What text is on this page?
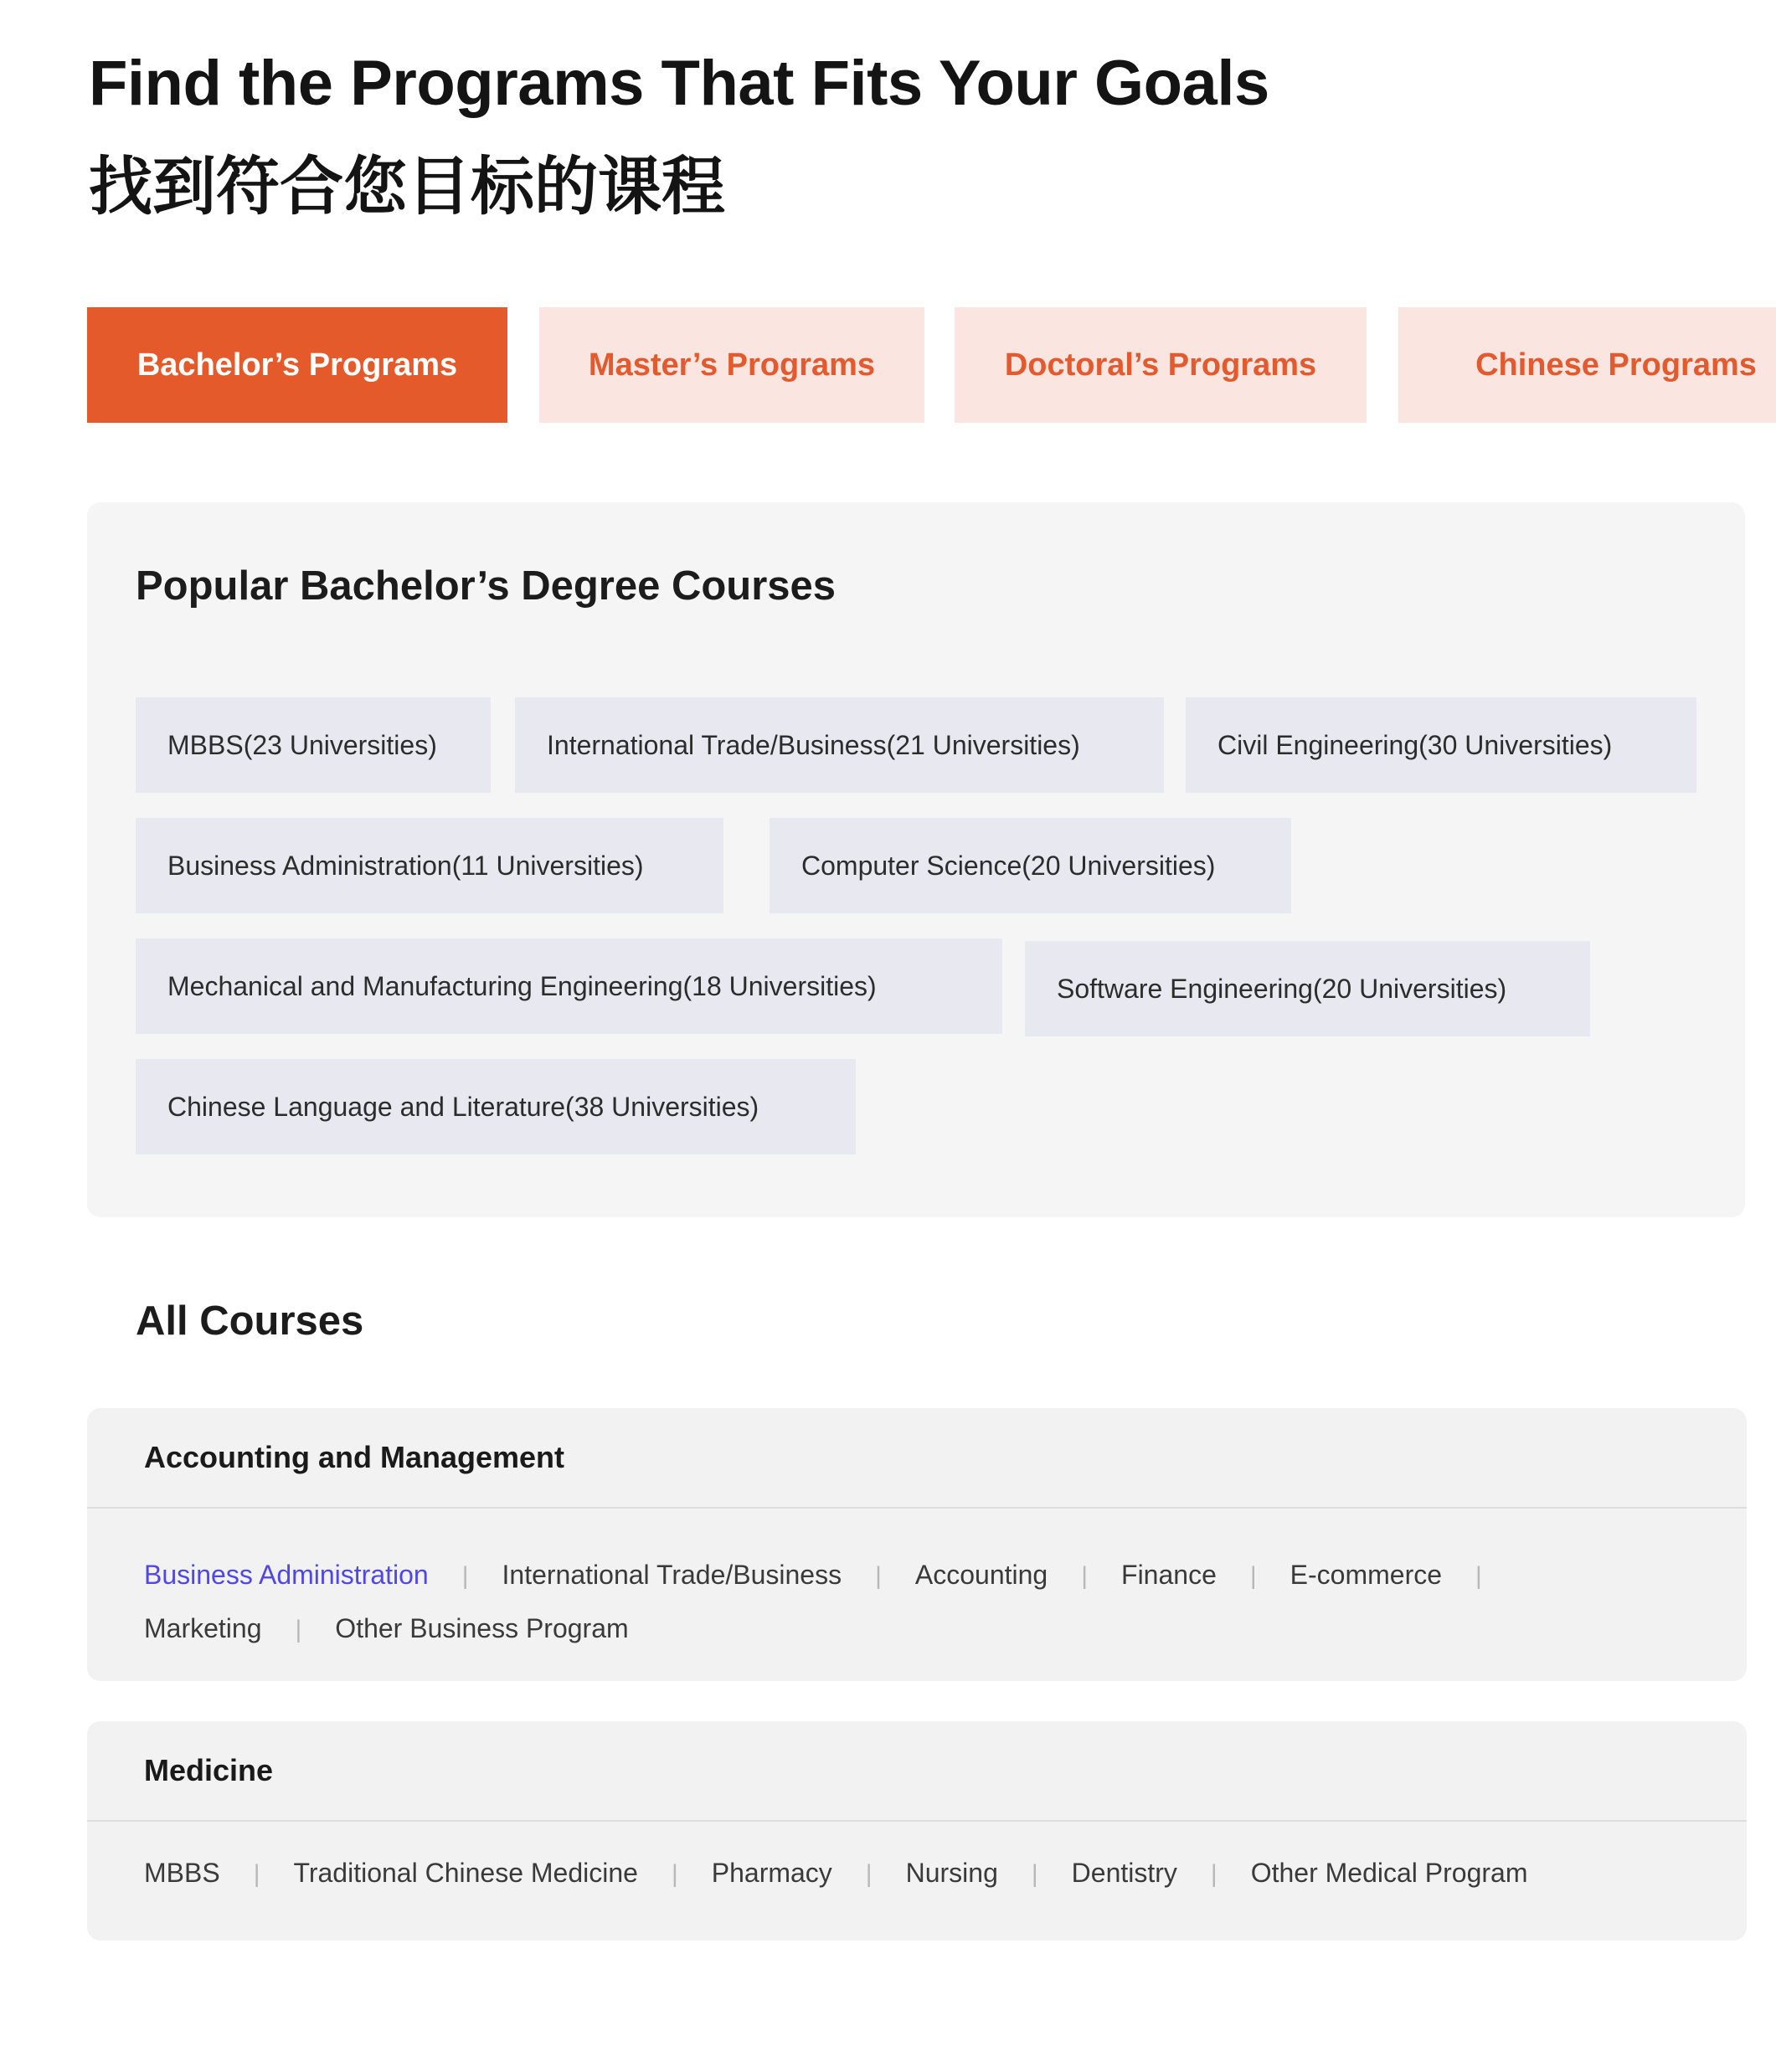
Find the Programs That Fits Your Goals
找到符合您目标的课程
Bachelor’s Programs	Master’s Programs	Doctoral’s Programs	Chinese Programs
Popular Bachelor’s Degree Courses
MBBS(23 Universities)	International Trade/Business(21 Universities)	Civil Engineering(30 Universities)
Business Administration(11 Universities)	Computer Science(20 Universities)
Mechanical and Manufacturing Engineering(18 Universities)	Software Engineering(20 Universities)
Chinese Language and Literature(38 Universities)
All Courses
Accounting and Management
Business Administration | International Trade/Business | Accounting | Finance | E-commerce |
Marketing | Other Business Program
Medicine
MBBS | Traditional Chinese Medicine | Pharmacy | Nursing | Dentistry | Other Medical Program
